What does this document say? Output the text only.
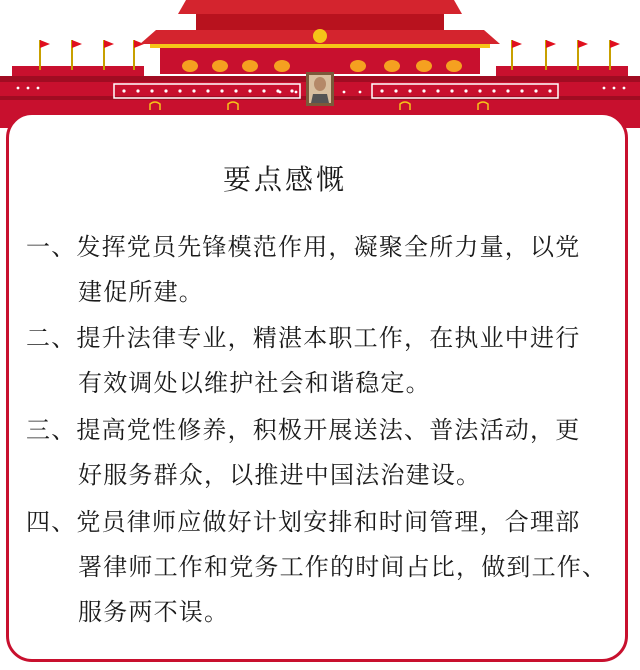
要点感慨
一、发挥党员先锋模范作用，凝聚全所力量，以党
建促所建。
二、提升法律专业，精湛本职工作，在执业中进行
有效调处以维护社会和谐稳定。
三、提高党性修养，积极开展送法、普法活动，更
好服务群众，以推进中国法治建设。
四、党员律师应做好计划安排和时间管理，合理部
署律师工作和党务工作的时间占比，做到工作、
服务两不误。
